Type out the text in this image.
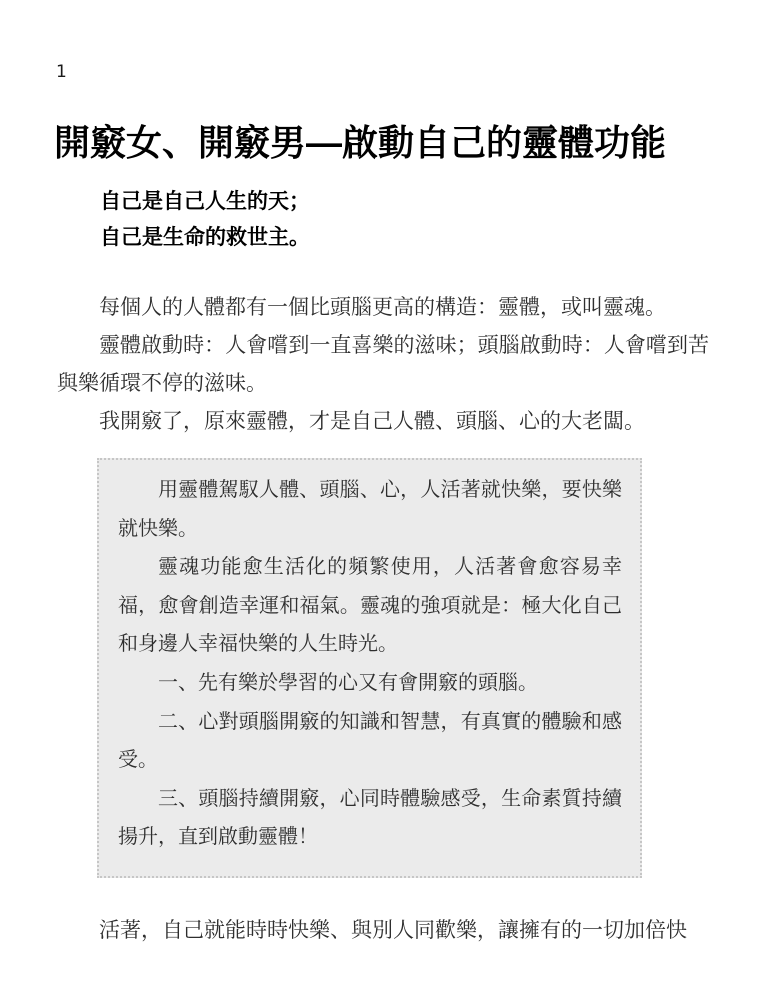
1
開竅女、開竅男—啟動自己的靈體功能
自己是自己人生的天；
自己是生命的救世主。

每個人的人體都有一個比頭腦更高的構造：靈體，或叫靈魂。

靈體啟動時：人會嚐到一直喜樂的滋味；頭腦啟動時：人會嚐到苦與樂循環不停的滋味。

我開竅了，原來靈體，才是自己人體、頭腦、心的大老闆。

用靈體駕馭人體、頭腦、心，人活著就快樂，要快樂就快樂。

靈魂功能愈生活化的頻繁使用，人活著會愈容易幸福，愈會創造幸運和福氣。靈魂的強項就是：極大化自己和身邊人幸福快樂的人生時光。

一、先有樂於學習的心又有會開竅的頭腦。

二、心對頭腦開竅的知識和智慧，有真實的體驗和感受。

三、頭腦持續開竅，心同時體驗感受，生命素質持續揚升，直到啟動靈體！

活著，自己就能時時快樂、與別人同歡樂，讓擁有的一切加倍快
